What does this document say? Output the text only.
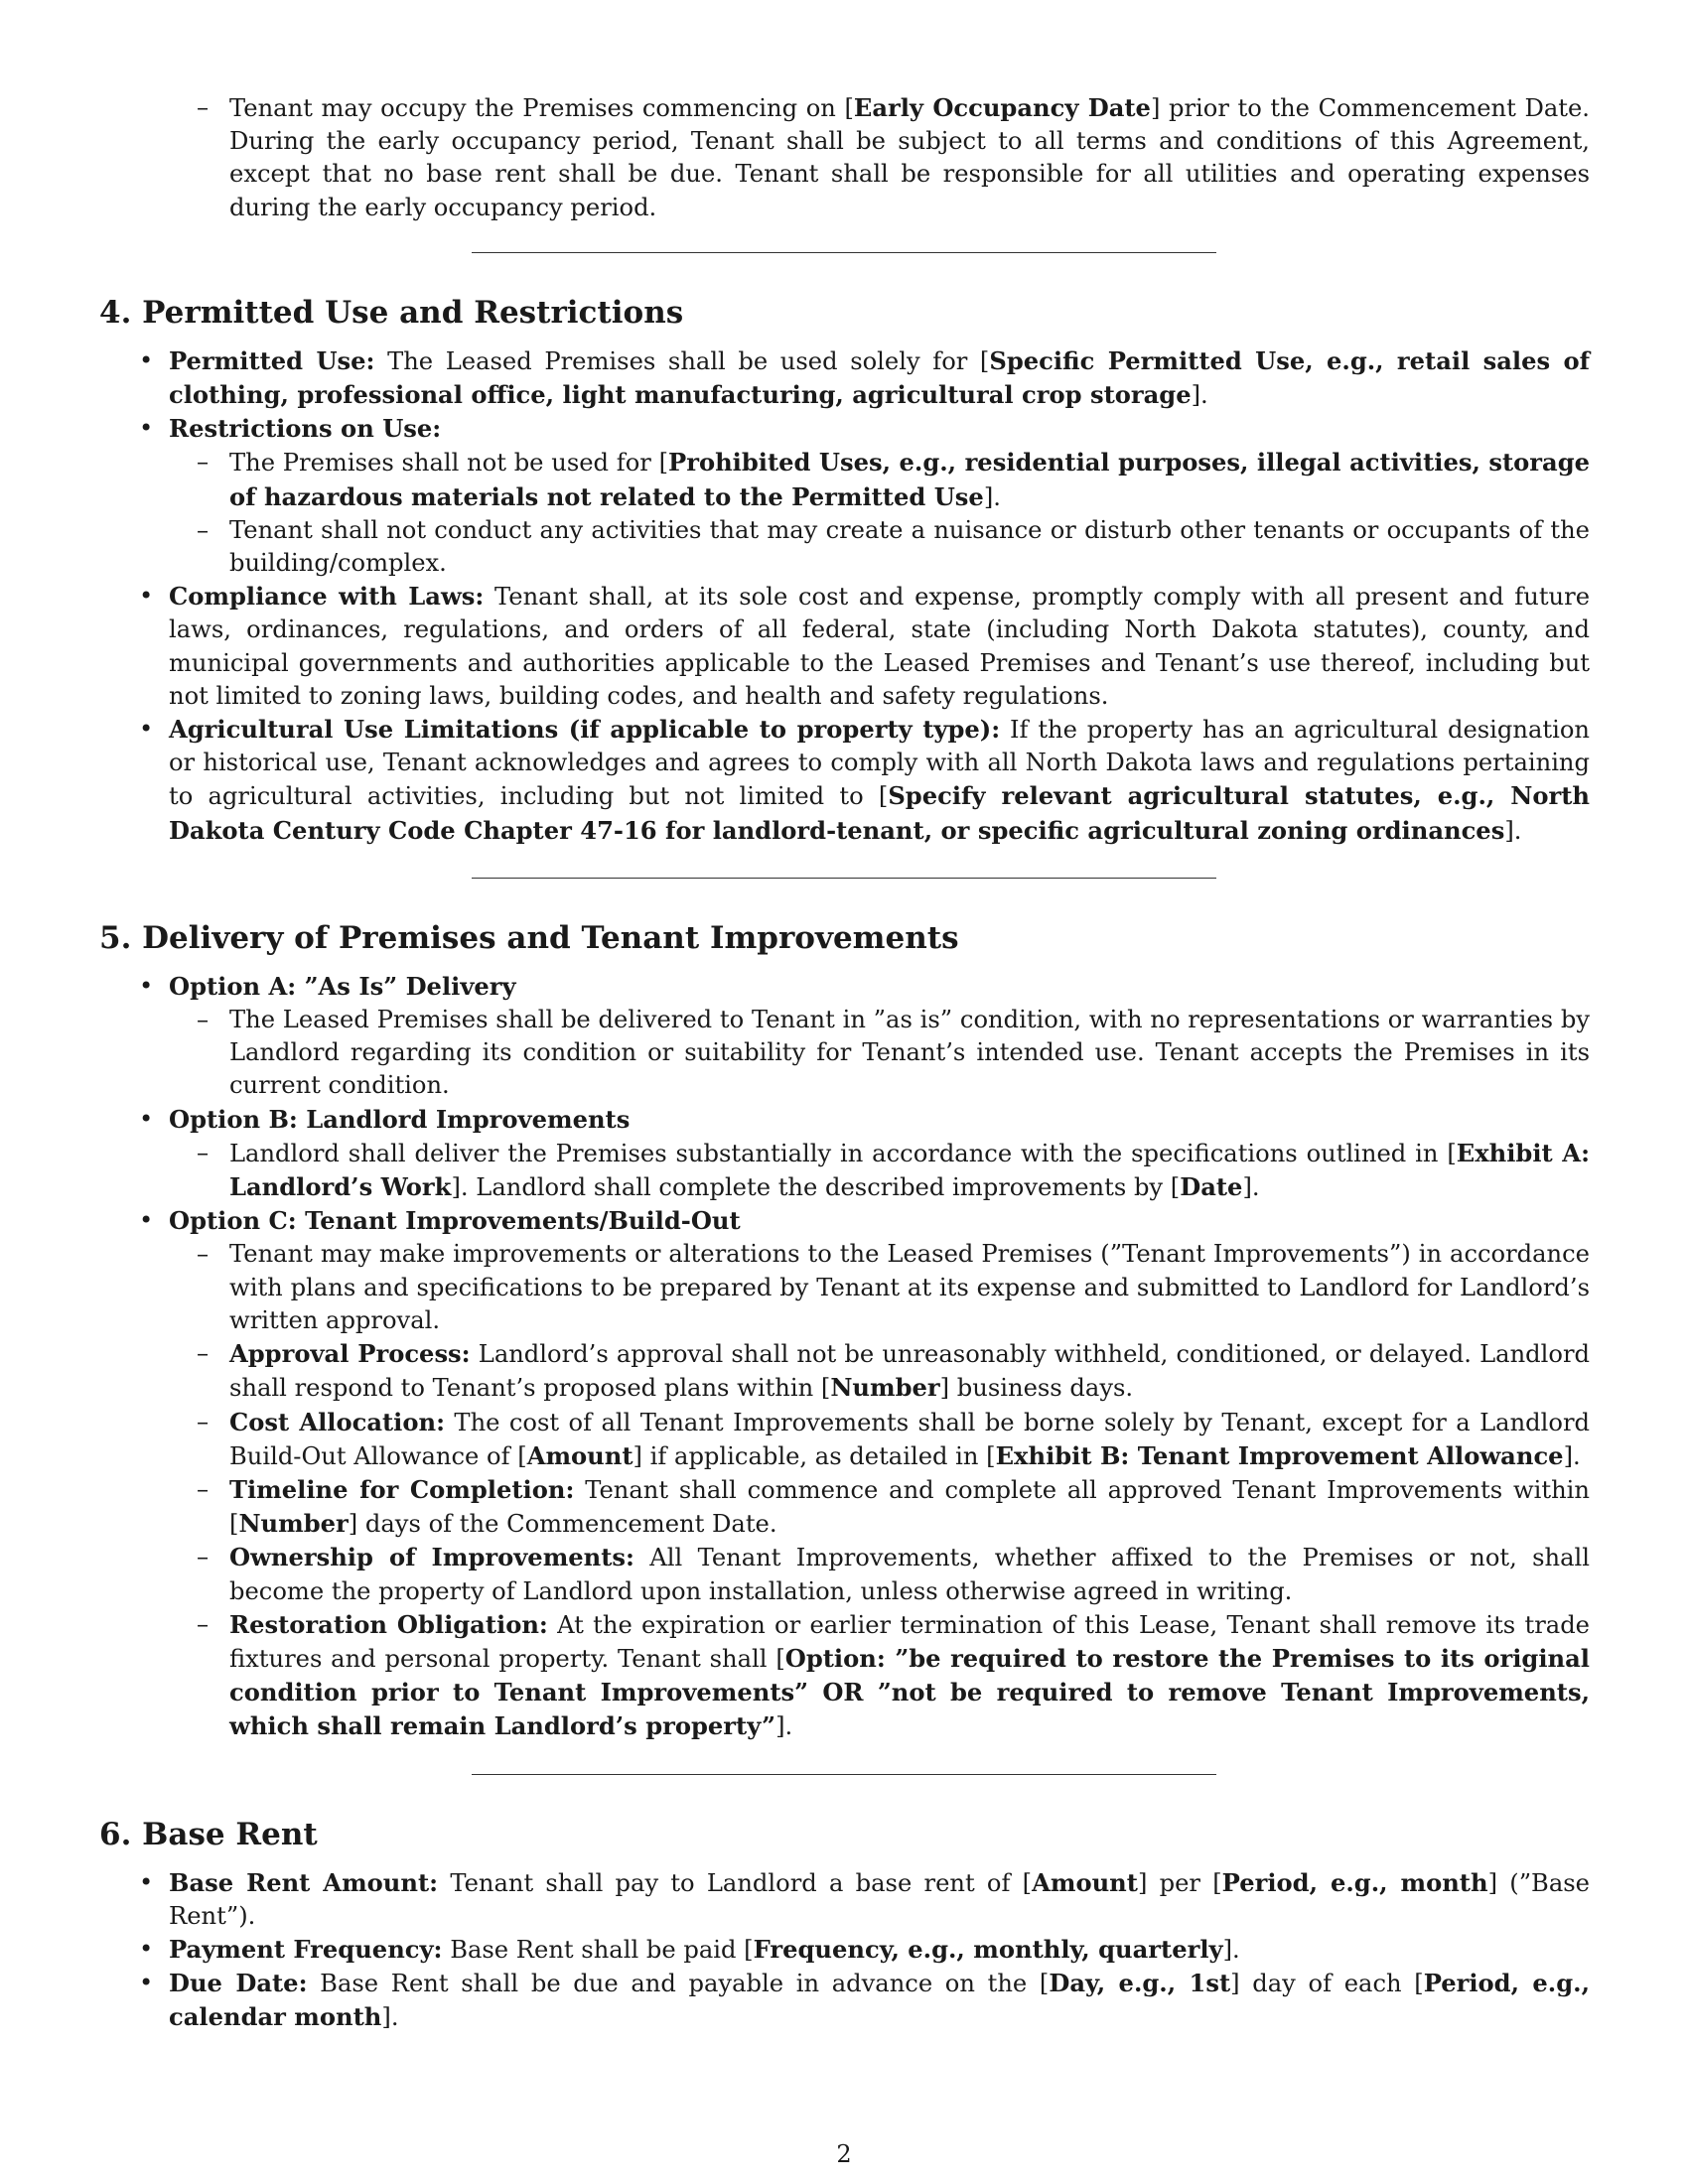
– Tenant may occupy the Premises commencing on [Early Occupancy Date] prior to the Commencement Date. During the early occupancy period, Tenant shall be subject to all terms and conditions of this Agreement, except that no base rent shall be due. Tenant shall be responsible for all utilities and operating expenses during the early occupancy period.
4. Permitted Use and Restrictions
• Permitted Use: The Leased Premises shall be used solely for [Specific Permitted Use, e.g., retail sales of clothing, professional office, light manufacturing, agricultural crop storage].
• Restrictions on Use:
– The Premises shall not be used for [Prohibited Uses, e.g., residential purposes, illegal activities, storage of hazardous materials not related to the Permitted Use].
– Tenant shall not conduct any activities that may create a nuisance or disturb other tenants or occupants of the building/complex.
• Compliance with Laws: Tenant shall, at its sole cost and expense, promptly comply with all present and future laws, ordinances, regulations, and orders of all federal, state (including North Dakota statutes), county, and municipal governments and authorities applicable to the Leased Premises and Tenant’s use thereof, including but not limited to zoning laws, building codes, and health and safety regulations.
• Agricultural Use Limitations (if applicable to property type): If the property has an agricultural designation or historical use, Tenant acknowledges and agrees to comply with all North Dakota laws and regulations pertaining to agricultural activities, including but not limited to [Specify relevant agricultural statutes, e.g., North Dakota Century Code Chapter 47-16 for landlord-tenant, or specific agricultural zoning ordinances].
5. Delivery of Premises and Tenant Improvements
• Option A: ”As Is” Delivery
– The Leased Premises shall be delivered to Tenant in ”as is” condition, with no representations or warranties by Landlord regarding its condition or suitability for Tenant’s intended use. Tenant accepts the Premises in its current condition.
• Option B: Landlord Improvements
– Landlord shall deliver the Premises substantially in accordance with the specifications outlined in [Exhibit A: Landlord’s Work]. Landlord shall complete the described improvements by [Date].
• Option C: Tenant Improvements/Build-Out
– Tenant may make improvements or alterations to the Leased Premises (”Tenant Improvements”) in accordance with plans and specifications to be prepared by Tenant at its expense and submitted to Landlord for Landlord’s written approval.
– Approval Process: Landlord’s approval shall not be unreasonably withheld, conditioned, or delayed. Landlord shall respond to Tenant’s proposed plans within [Number] business days.
– Cost Allocation: The cost of all Tenant Improvements shall be borne solely by Tenant, except for a Landlord Build-Out Allowance of [Amount] if applicable, as detailed in [Exhibit B: Tenant Improvement Allowance].
– Timeline for Completion: Tenant shall commence and complete all approved Tenant Improvements within [Number] days of the Commencement Date.
– Ownership of Improvements: All Tenant Improvements, whether affixed to the Premises or not, shall become the property of Landlord upon installation, unless otherwise agreed in writing.
– Restoration Obligation: At the expiration or earlier termination of this Lease, Tenant shall remove its trade fixtures and personal property. Tenant shall [Option: ”be required to restore the Premises to its original condition prior to Tenant Improvements” OR ”not be required to remove Tenant Improvements, which shall remain Landlord’s property”].
6. Base Rent
• Base Rent Amount: Tenant shall pay to Landlord a base rent of [Amount] per [Period, e.g., month] (”Base Rent”).
• Payment Frequency: Base Rent shall be paid [Frequency, e.g., monthly, quarterly].
• Due Date: Base Rent shall be due and payable in advance on the [Day, e.g., 1st] day of each [Period, e.g., calendar month].
2
